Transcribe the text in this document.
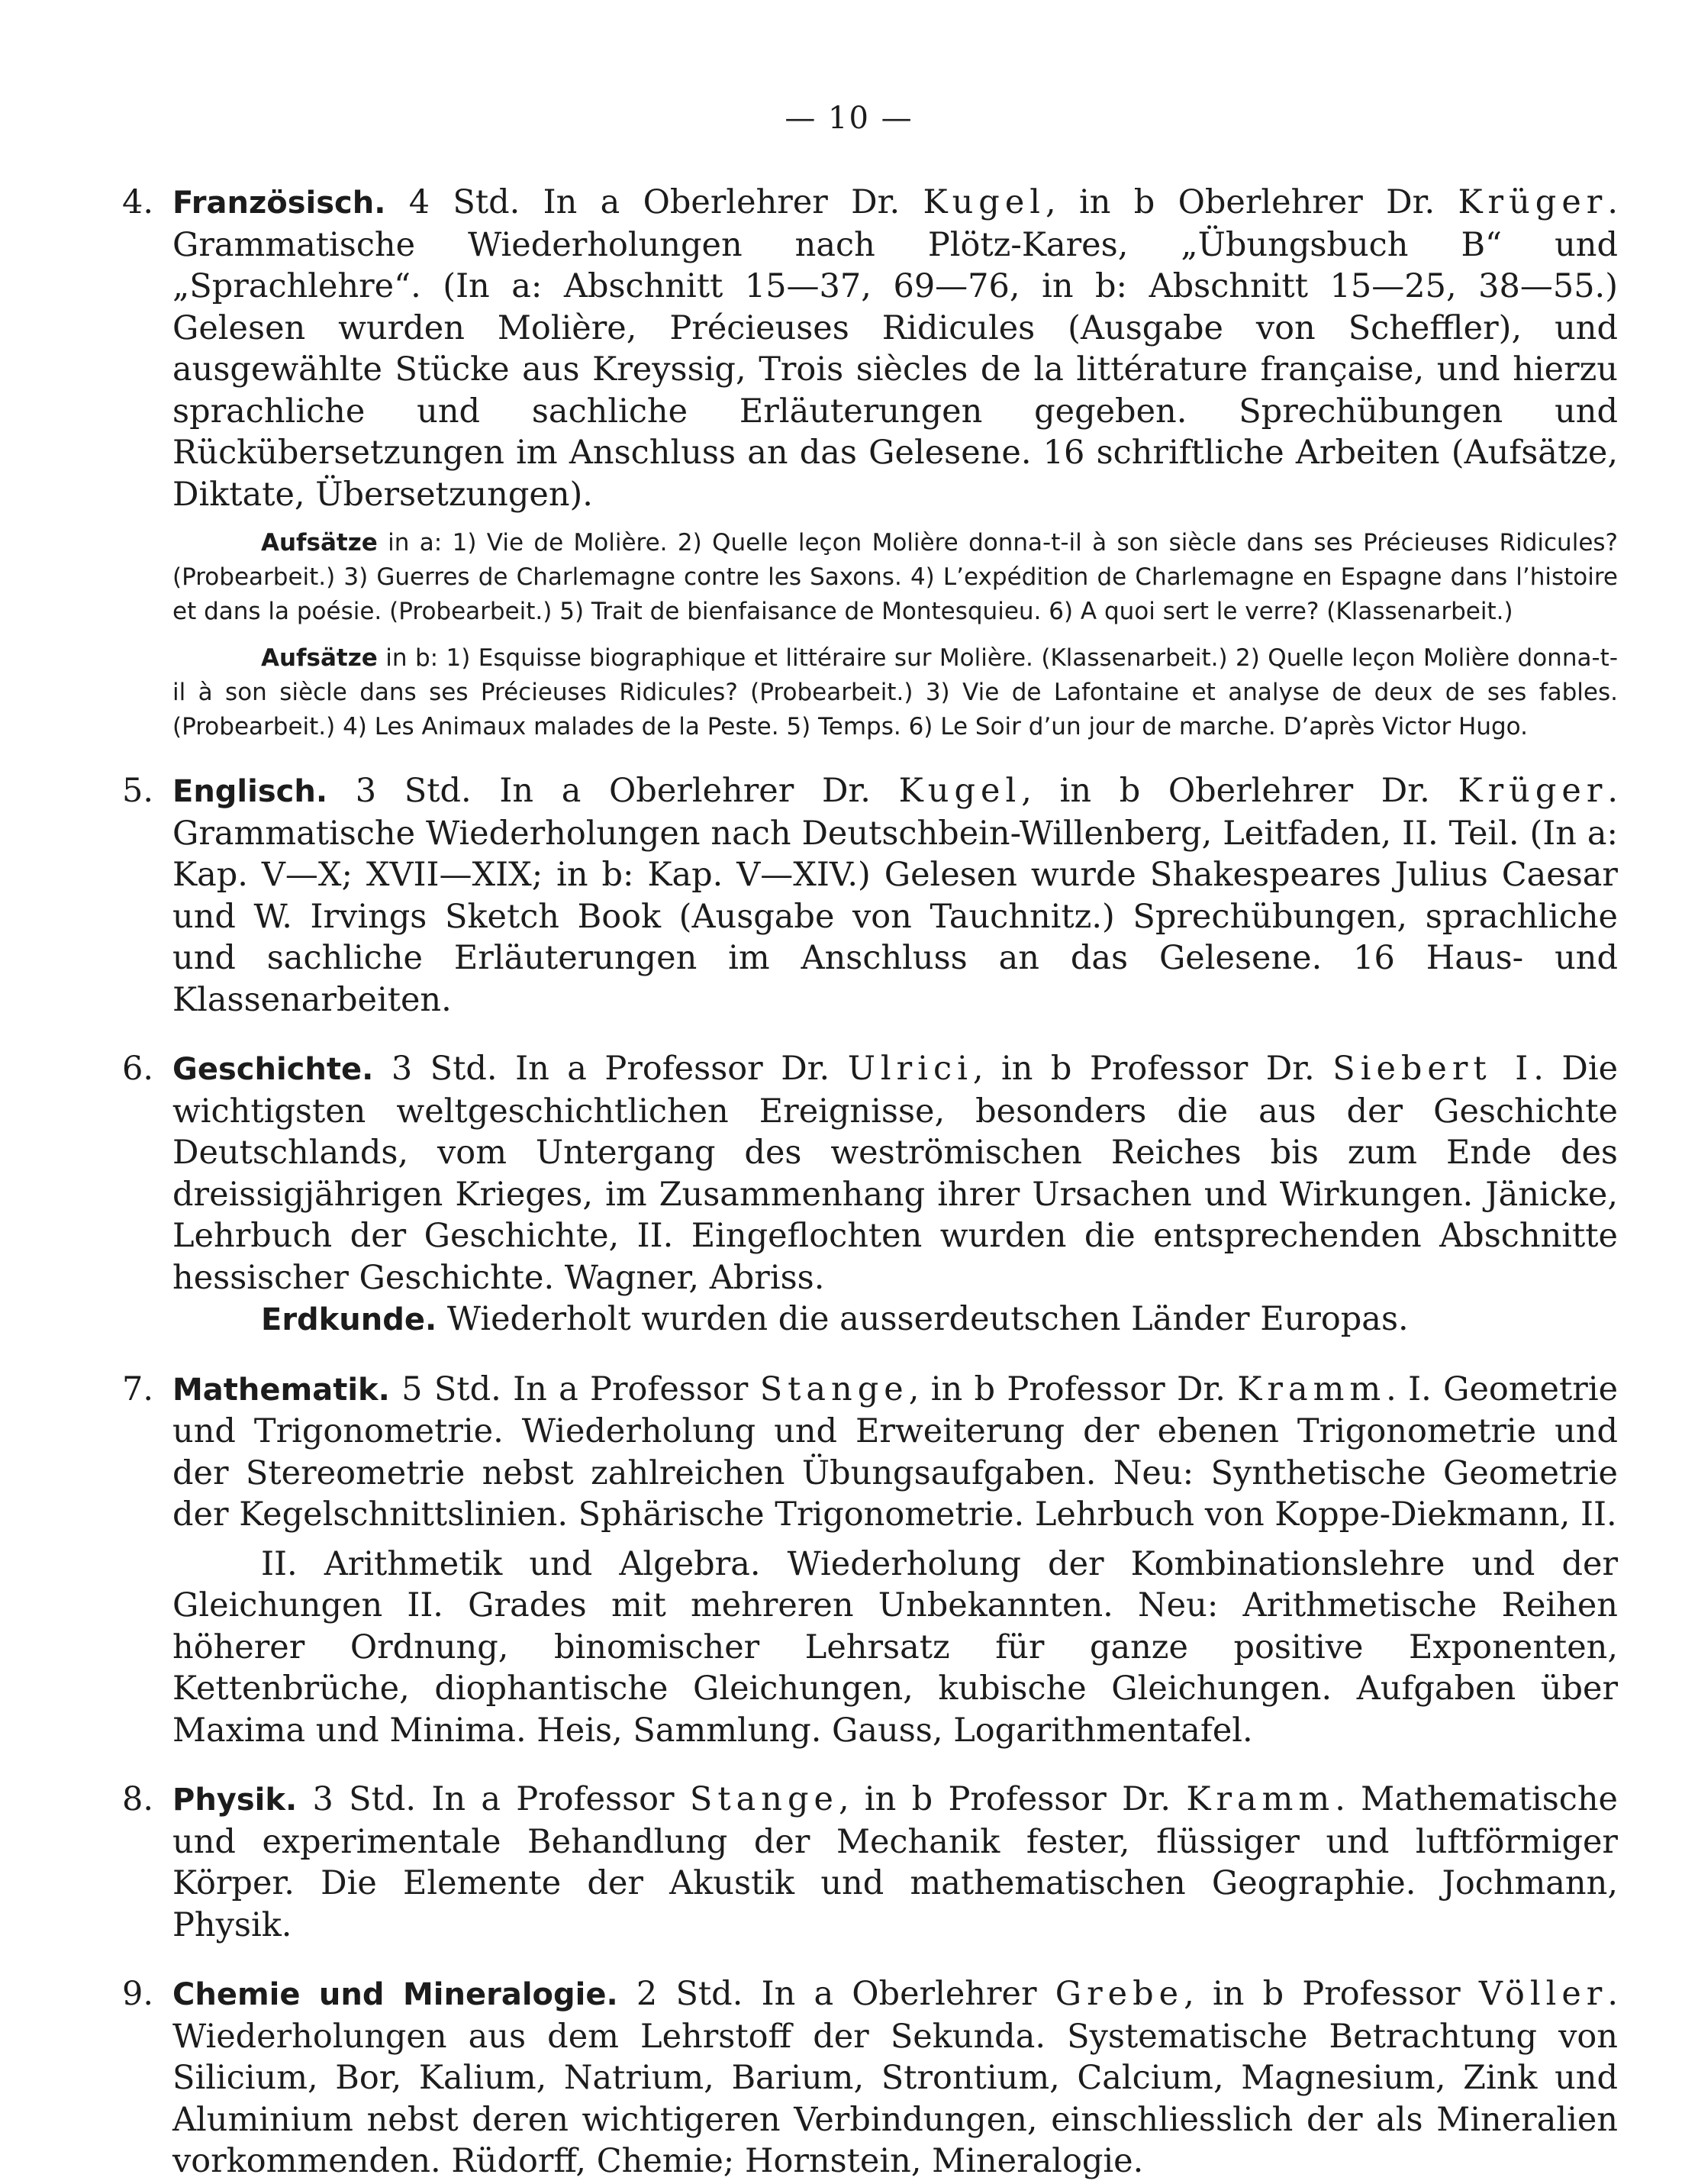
— 10 —

4. Französisch. 4 Std. In a Oberlehrer Dr. Kugel, in b Oberlehrer Dr. Krüger. Grammatische Wiederholungen nach Plötz-Kares, „Übungsbuch B“ und „Sprachlehre“. (In a: Abschnitt 15—37, 69—76, in b: Abschnitt 15—25, 38—55.) Gelesen wurden Molière, Précieuses Ridicules (Ausgabe von Scheffler), und ausgewählte Stücke aus Kreyssig, Trois siècles de la littérature française, und hierzu sprachliche und sachliche Erläuterungen gegeben. Sprechübungen und Rückübersetzungen im Anschluss an das Gelesene. 16 schriftliche Arbeiten (Aufsätze, Diktate, Übersetzungen).

Aufsätze in a: 1) Vie de Molière. 2) Quelle leçon Molière donna-t-il à son siècle dans ses Précieuses Ridicules? (Probearbeit.) 3) Guerres de Charlemagne contre les Saxons. 4) L’expédition de Charlemagne en Espagne dans l’histoire et dans la poésie. (Probearbeit.) 5) Trait de bienfaisance de Montesquieu. 6) A quoi sert le verre? (Klassenarbeit.)

Aufsätze in b: 1) Esquisse biographique et littéraire sur Molière. (Klassenarbeit.) 2) Quelle leçon Molière donna-t-il à son siècle dans ses Précieuses Ridicules? (Probearbeit.) 3) Vie de Lafontaine et analyse de deux de ses fables. (Probearbeit.) 4) Les Animaux malades de la Peste. 5) Temps. 6) Le Soir d’un jour de marche. D’après Victor Hugo.

5. Englisch. 3 Std. In a Oberlehrer Dr. Kugel, in b Oberlehrer Dr. Krüger. Grammatische Wiederholungen nach Deutschbein-Willenberg, Leitfaden, II. Teil. (In a: Kap. V—X; XVII—XIX; in b: Kap. V—XIV.) Gelesen wurde Shakespeares Julius Caesar und W. Irvings Sketch Book (Ausgabe von Tauchnitz.) Sprechübungen, sprachliche und sachliche Erläuterungen im Anschluss an das Gelesene. 16 Haus- und Klassenarbeiten.

6. Geschichte. 3 Std. In a Professor Dr. Ulrici, in b Professor Dr. Siebert I. Die wichtigsten weltgeschichtlichen Ereignisse, besonders die aus der Geschichte Deutschlands, vom Untergang des weströmischen Reiches bis zum Ende des dreissigjährigen Krieges, im Zusammenhang ihrer Ursachen und Wirkungen. Jänicke, Lehrbuch der Geschichte, II. Eingeflochten wurden die entsprechenden Abschnitte hessischer Geschichte. Wagner, Abriss.

Erdkunde. Wiederholt wurden die ausserdeutschen Länder Europas.

7. Mathematik. 5 Std. In a Professor Stange, in b Professor Dr. Kramm. I. Geometrie und Trigonometrie. Wiederholung und Erweiterung der ebenen Trigonometrie und der Stereometrie nebst zahlreichen Übungsaufgaben. Neu: Synthetische Geometrie der Kegelschnittslinien. Sphärische Trigonometrie. Lehrbuch von Koppe-Diekmann, II.

II. Arithmetik und Algebra. Wiederholung der Kombinationslehre und der Gleichungen II. Grades mit mehreren Unbekannten. Neu: Arithmetische Reihen höherer Ordnung, binomischer Lehrsatz für ganze positive Exponenten, Kettenbrüche, diophantische Gleichungen, kubische Gleichungen. Aufgaben über Maxima und Minima. Heis, Sammlung. Gauss, Logarithmentafel.

8. Physik. 3 Std. In a Professor Stange, in b Professor Dr. Kramm. Mathematische und experimentale Behandlung der Mechanik fester, flüssiger und luftförmiger Körper. Die Elemente der Akustik und mathematischen Geographie. Jochmann, Physik.

9. Chemie und Mineralogie. 2 Std. In a Oberlehrer Grebe, in b Professor Völler. Wiederholungen aus dem Lehrstoff der Sekunda. Systematische Betrachtung von Silicium, Bor, Kalium, Natrium, Barium, Strontium, Calcium, Magnesium, Zink und Aluminium nebst deren wichtigeren Verbindungen, einschliesslich der als Mineralien vorkommenden. Rüdorff, Chemie; Hornstein, Mineralogie.
